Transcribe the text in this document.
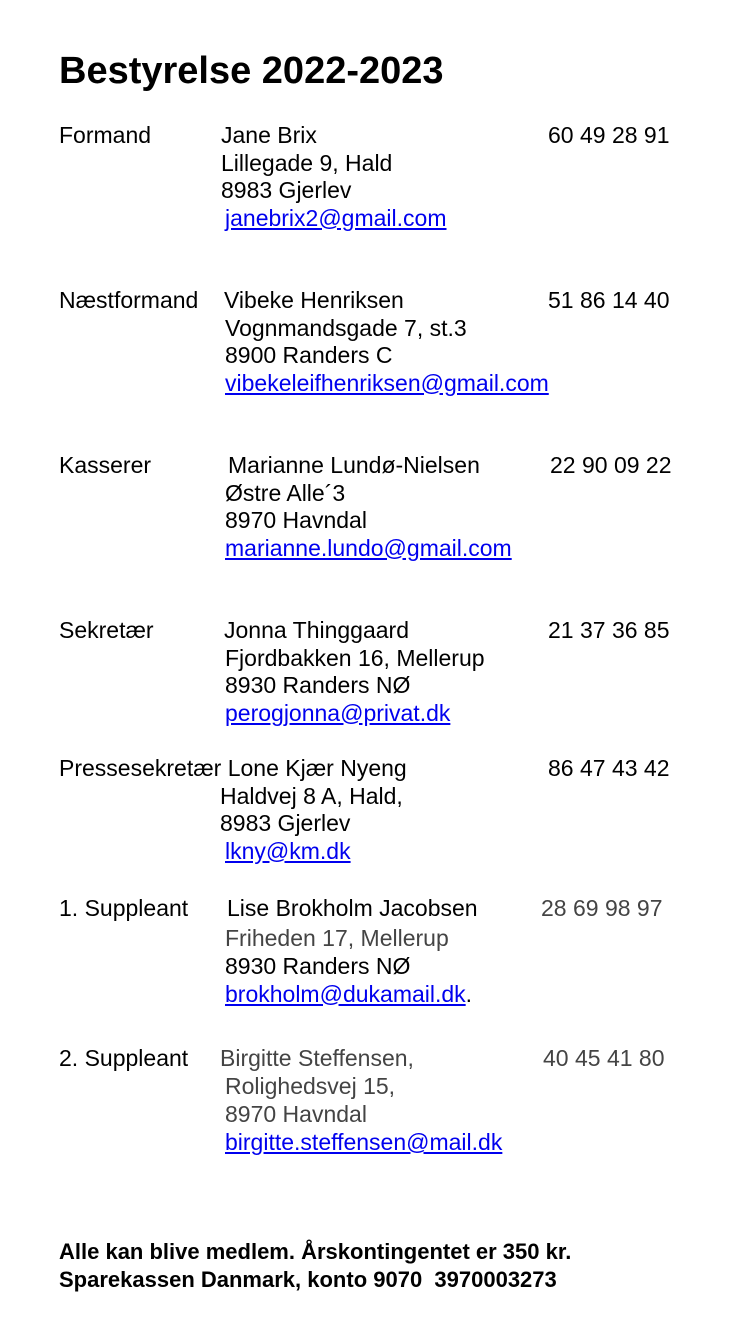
Bestyrelse 2022-2023
Formand	Jane Brix	60 49 28 91
Lillegade 9, Hald
8983 Gjerlev
janebrix2@gmail.com
Næstformand Vibeke Henriksen	51 86 14 40
Vognmandsgade 7, st.3
8900 Randers C
vibekeleifhenriksen@gmail.com
Kasserer	Marianne Lundø-Nielsen	22 90 09 22
Østre Alle´3
8970 Havndal
marianne.lundo@gmail.com
Sekretær	Jonna Thinggaard	21 37 36 85
Fjordbakken 16, Mellerup
8930 Randers NØ
perogjonna@privat.dk
Pressesekretær Lone Kjær Nyeng	86 47 43 42
Haldvej 8 A, Hald,
8983 Gjerlev
lkny@km.dk
1. Suppleant Lise Brokholm Jacobsen	28 69 98 97
Friheden 17, Mellerup
8930 Randers NØ
brokholm@dukamail.dk.
2. Suppleant Birgitte Steffensen,	40 45 41 80
Rolighedsvej 15,
8970 Havndal
birgitte.steffensen@mail.dk
Alle kan blive medlem. Årskontingentet er 350 kr.
Sparekassen Danmark, konto 9070  3970003273
